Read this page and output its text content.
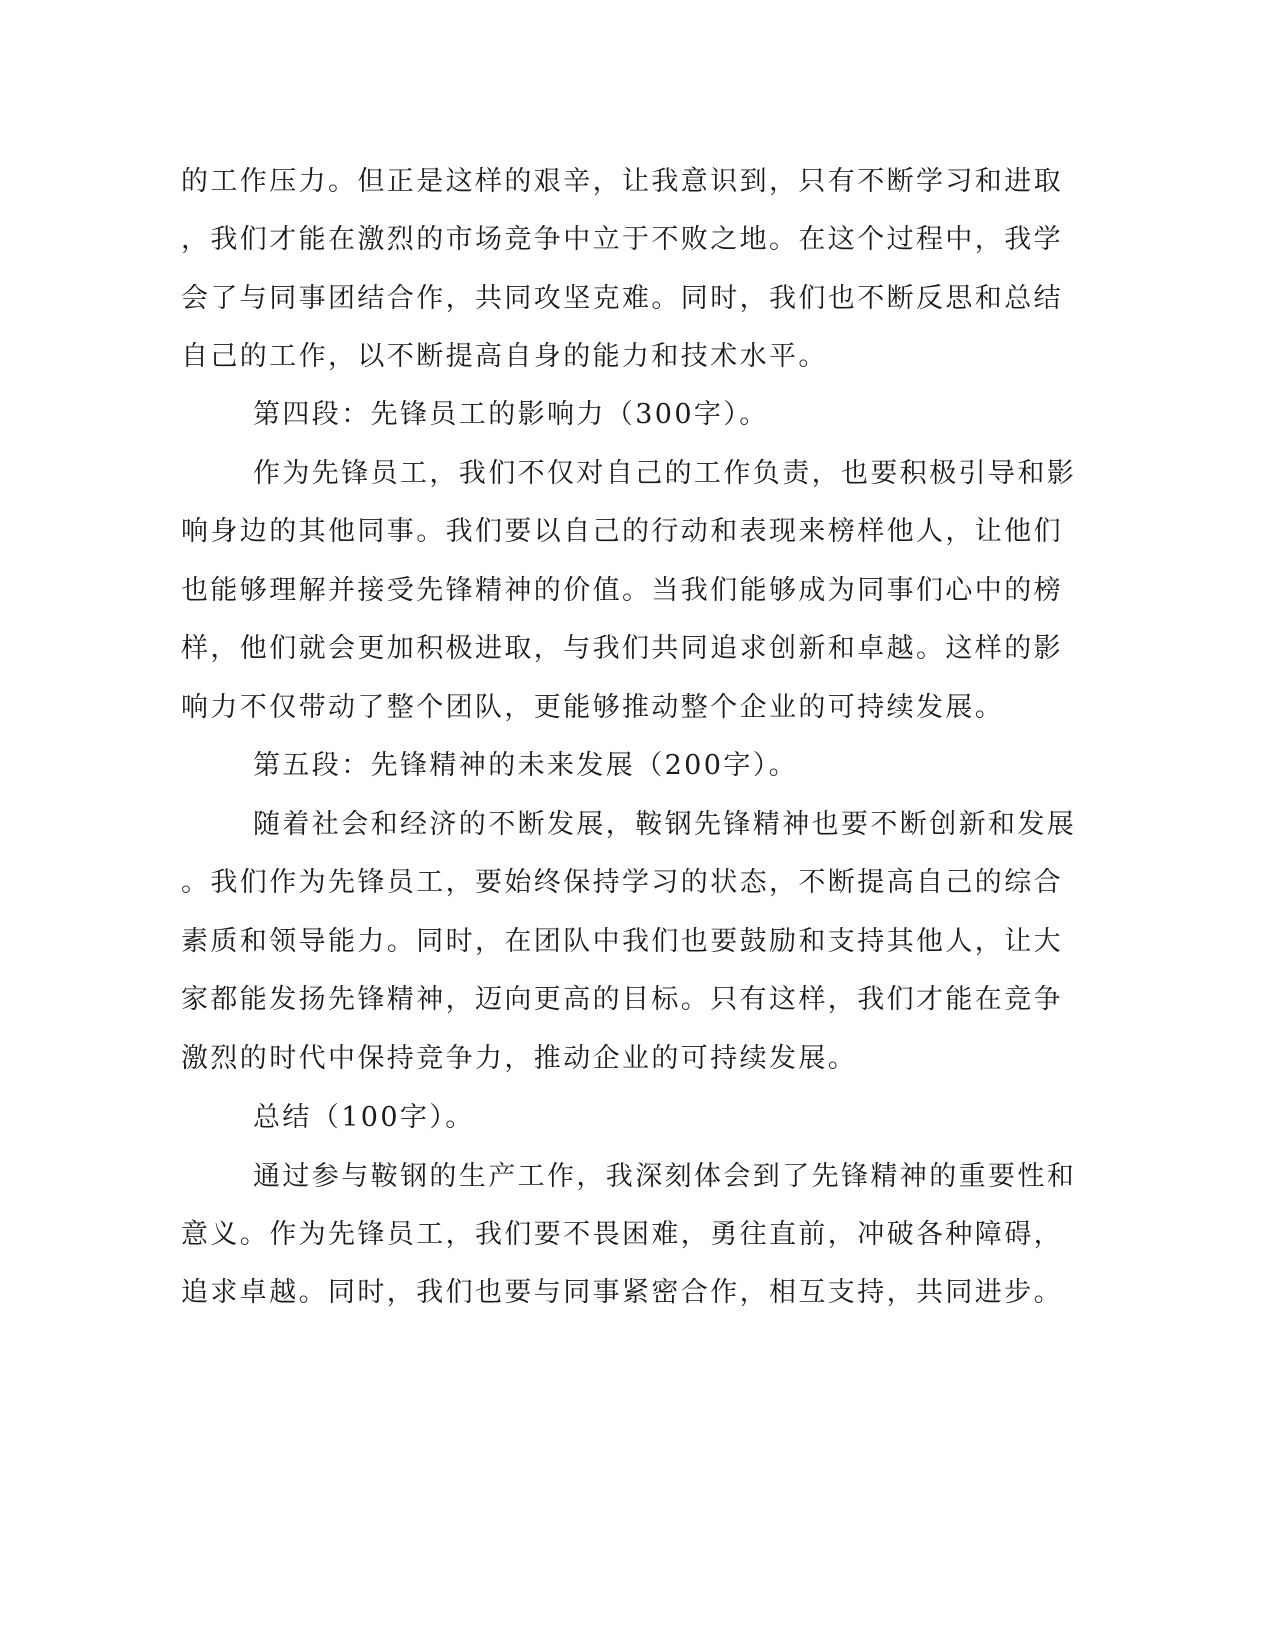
的工作压力。但正是这样的艰辛，让我意识到，只有不断学习和进取
，我们才能在激烈的市场竞争中立于不败之地。在这个过程中，我学
会了与同事团结合作，共同攻坚克难。同时，我们也不断反思和总结
自己的工作，以不断提高自身的能力和技术水平。
第四段：先锋员工的影响力（300字）。
作为先锋员工，我们不仅对自己的工作负责，也要积极引导和影
响身边的其他同事。我们要以自己的行动和表现来榜样他人，让他们
也能够理解并接受先锋精神的价值。当我们能够成为同事们心中的榜
样，他们就会更加积极进取，与我们共同追求创新和卓越。这样的影
响力不仅带动了整个团队，更能够推动整个企业的可持续发展。
第五段：先锋精神的未来发展（200字）。
随着社会和经济的不断发展，鞍钢先锋精神也要不断创新和发展
。我们作为先锋员工，要始终保持学习的状态，不断提高自己的综合
素质和领导能力。同时，在团队中我们也要鼓励和支持其他人，让大
家都能发扬先锋精神，迈向更高的目标。只有这样，我们才能在竞争
激烈的时代中保持竞争力，推动企业的可持续发展。
总结（100字）。
通过参与鞍钢的生产工作，我深刻体会到了先锋精神的重要性和
意义。作为先锋员工，我们要不畏困难，勇往直前，冲破各种障碍，
追求卓越。同时，我们也要与同事紧密合作，相互支持，共同进步。
